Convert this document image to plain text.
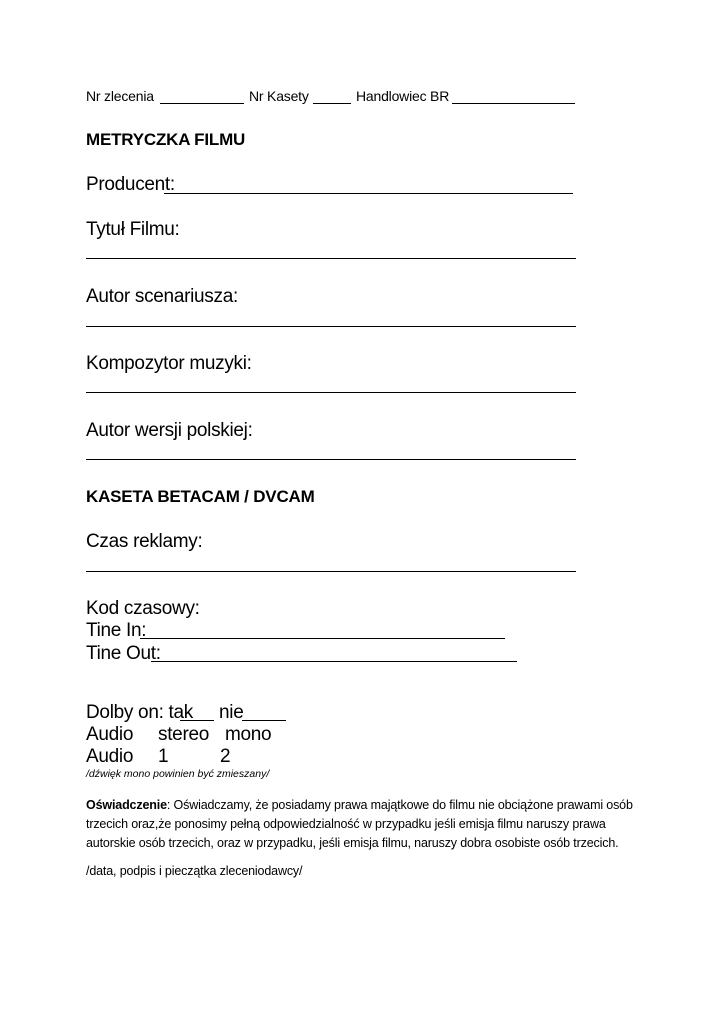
Nr zlecenia	Nr Kasety	Handlowiec BR
METRYCZKA FILMU
Producent:
Tytuł Filmu:
Autor scenariusza:
Kompozytor muzyki:
Autor wersji polskiej:
KASETA BETACAM / DVCAM
Czas reklamy:
Kod czasowy:
Tine In:
Tine Out:
Dolby on: tak nie
Audio stereo mono
Audio 1	2
/dźwięk mono powinien być zmieszany/
Oświadczenie: Oświadczamy, że posiadamy prawa majątkowe do filmu nie obciążone prawami osób trzecich oraz,że ponosimy pełną odpowiedzialność w przypadku jeśli emisja filmu naruszy prawa autorskie osób trzecich, oraz w przypadku, jeśli emisja filmu, naruszy dobra osobiste osób trzecich.
/data, podpis i pieczątka zleceniodawcy/
